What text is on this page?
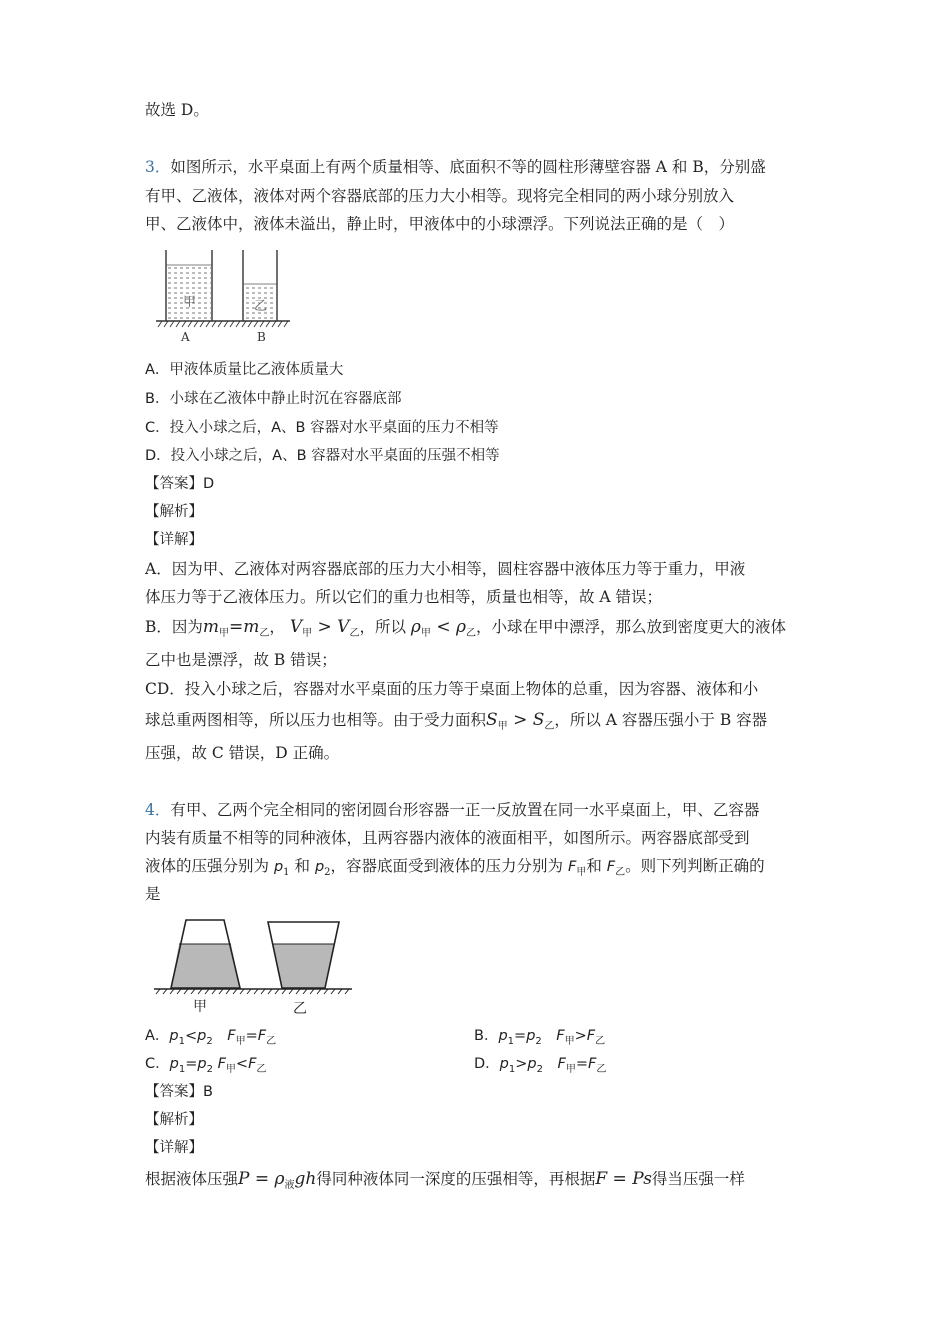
故选 D。
3．如图所示，水平桌面上有两个质量相等、底面积不等的圆柱形薄壁容器 A 和 B，分别盛
有甲、乙液体，液体对两个容器底部的压力大小相等。现将完全相同的两小球分别放入
甲、乙液体中，液体未溢出，静止时，甲液体中的小球漂浮。下列说法正确的是（　）
甲	乙
A	B
A．甲液体质量比乙液体质量大
B．小球在乙液体中静止时沉在容器底部
C．投入小球之后，A、B 容器对水平桌面的压力不相等
D．投入小球之后，A、B 容器对水平桌面的压强不相等
【答案】D
【解析】
【详解】
A．因为甲、乙液体对两容器底部的压力大小相等，圆柱容器中液体压力等于重力，甲液
体压力等于乙液体压力。所以它们的重力也相等，质量也相等，故 A 错误；
B．因为$m_甲=m_乙$， $V_甲 > V_乙$，所以 $\rho_甲 < \rho_乙$，小球在甲中漂浮，那么放到密度更大的液体
乙中也是漂浮，故 B 错误；
CD．投入小球之后，容器对水平桌面的压力等于桌面上物体的总重，因为容器、液体和小
球总重两图相等，所以压力也相等。由于受力面积$S_甲 > S_乙$，所以 A 容器压强小于 B 容器
压强，故 C 错误，D 正确。
4．有甲、乙两个完全相同的密闭圆台形容器一正一反放置在同一水平桌面上，甲、乙容器
内装有质量不相等的同种液体，且两容器内液体的液面相平，如图所示。两容器底部受到
液体的压强分别为 $p_1$ 和 $p_2$，容器底面受到液体的压力分别为 $F_甲$和 $F_乙$。则下列判断正确的
是
甲	乙
A．$p_1<p_2$　 $F_甲=F_乙$	B．$p_1=p_2$　 $F_甲>F_乙$
C．$p_1=p_2$ $F_甲<F_乙$	D．$p_1>p_2$　 $F_甲=F_乙$
【答案】B
【解析】
【详解】
根据液体压强$P = \rho_液gh$得同种液体同一深度的压强相等，再根据F = Ps得当压强一样
